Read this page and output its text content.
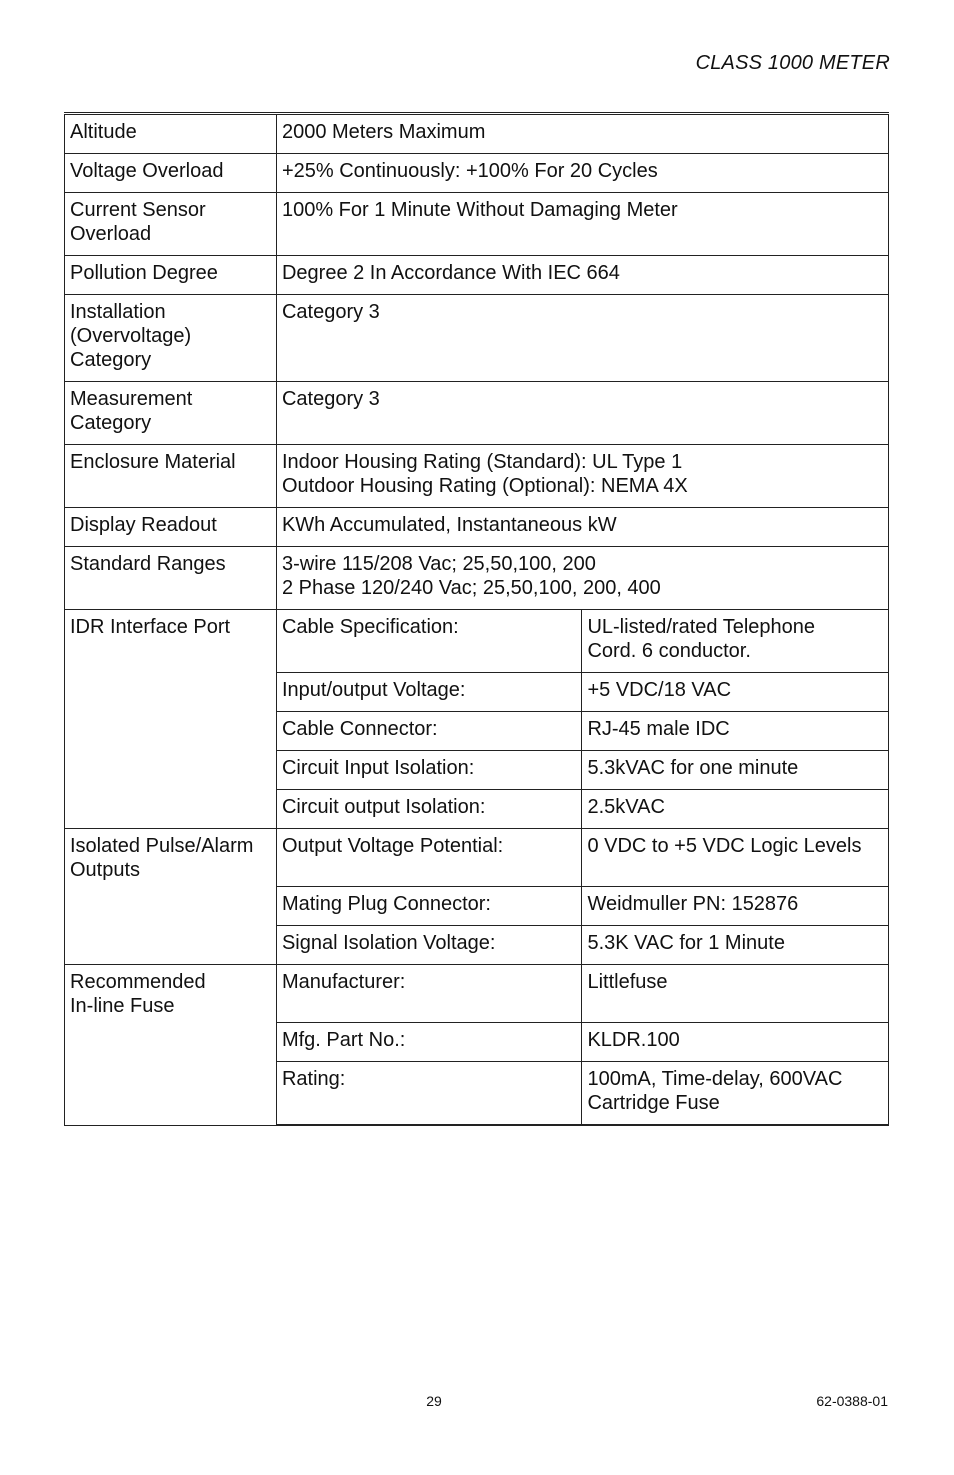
CLASS 1000 METER
Altitude	2000 Meters Maximum	
Voltage Overload	+25% Continuously: +100% For 20 Cycles	
Current Sensor
Overload	100% For 1 Minute Without Damaging Meter	
Pollution Degree	Degree 2 In Accordance With IEC 664	
Installation
(Overvoltage)
Category	Category 3	
Measurement
Category	Category 3	
Enclosure Material	Indoor Housing Rating (Standard): UL Type 1
Outdoor Housing Rating (Optional): NEMA 4X	
Display Readout	KWh Accumulated, Instantaneous kW	
Standard Ranges	3-wire 115/208 Vac; 25,50,100, 200
2 Phase 120/240 Vac; 25,50,100, 200, 400	
IDR Interface Port	Cable Specification:	UL-listed/rated Telephone
Cord. 6 conductor.
	Input/output Voltage:	+5 VDC/18 VAC
	Cable Connector:	RJ-45 male IDC
	Circuit Input Isolation:	5.3kVAC for one minute
	Circuit output Isolation:	2.5kVAC
Isolated Pulse/Alarm
Outputs	Output Voltage Potential:	0 VDC to +5 VDC Logic Levels
	Mating Plug Connector:	Weidmuller PN: 152876
	Signal Isolation Voltage:	5.3K VAC for 1 Minute
Recommended
In-line Fuse	Manufacturer:	Littlefuse
	Mfg. Part No.:	KLDR.100
	Rating:	100mA, Time-delay, 600VAC
Cartridge Fuse
29	62-0388-01
